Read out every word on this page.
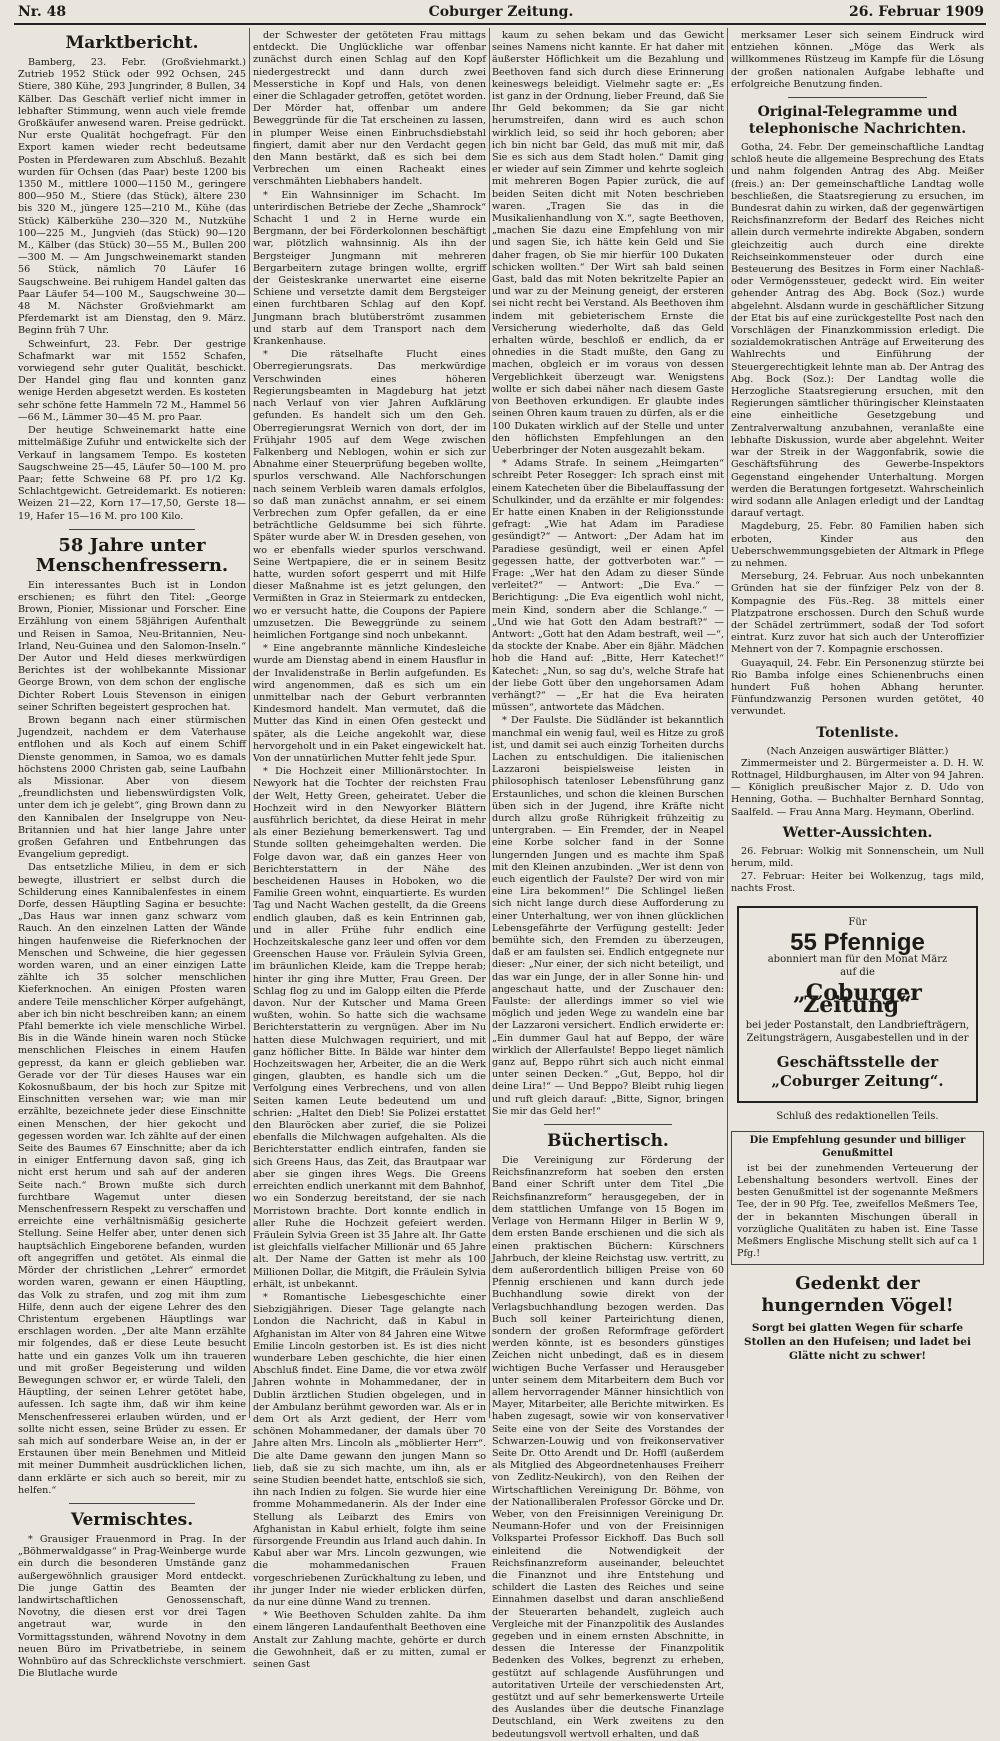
Nr. 48	Coburger Zeitung.	26. Februar 1909
Marktbericht.

Bamberg, 23. Febr. (Großviehmarkt.) Zutrieb 1952 Stück oder 992 Ochsen, 245 Stiere, 380 Kühe, 293 Jungrinder, 8 Bullen, 34 Kälber. Das Geschäft verlief nicht immer in lebhafter Stimmung, wenn auch viele fremde Großkäufer anwesend waren. Preise gedrückt. Nur erste Qualität hochgefragt. Für den Export kamen wieder recht bedeutsame Posten in Pferdewaren zum Abschluß. Bezahlt wurden für Ochsen (das Paar) beste 1200 bis 1350 M., mittlere 1000—1150 M., geringere 800—950 M., Stiere (das Stück), ältere 230 bis 320 M., jüngere 125—210 M., Kühe (das Stück) Kälberkühe 230—320 M., Nutzkühe 100—225 M., Jungvieh (das Stück) 90—120 M., Kälber (das Stück) 30—55 M., Bullen 200—300 M. — Am Jungschweinemarkt standen 56 Stück, nämlich 70 Läufer 16 Saugschweine. Bei ruhigem Handel galten das Paar Läufer 54—100 M., Saugschweine 30—48 M. Nächster Großviehmarkt am Pferdemarkt ist am Dienstag, den 9. März. Beginn früh 7 Uhr.

Schweinfurt, 23. Febr. Der gestrige Schafmarkt war mit 1552 Schafen, vorwiegend sehr guter Qualität, beschickt. Der Handel ging flau und konnten ganz wenige Herden abgesetzt werden. Es kosteten sehr schöne fette Hammeln 72 M., Hammel 56—66 M., Lämmer 30—45 M. pro Paar.

Der heutige Schweinemarkt hatte eine mittelmäßige Zufuhr und entwickelte sich der Verkauf in langsamem Tempo. Es kosteten Saugschweine 25—45, Läufer 50—100 M. pro Paar; fette Schweine 68 Pf. pro 1/2 Kg. Schlachtgewicht. Getreidemarkt. Es notieren: Weizen 21—22, Korn 17—17,50, Gerste 18—19, Hafer 15—16 M. pro 100 Kilo.

58 Jahre unter Menschenfressern.

Ein interessantes Buch ist in London erschienen; es führt den Titel: „George Brown, Pionier, Missionar und Forscher. Eine Erzählung von einem 58jährigen Aufenthalt und Reisen in Samoa, Neu-Britannien, Neu-Irland, Neu-Guinea und den Salomon-Inseln.“ Der Autor und Held dieses merkwürdigen Berichtes ist der wohlbekannte Missionar George Brown, von dem schon der englische Dichter Robert Louis Stevenson in einigen seiner Schriften begeistert gesprochen hat.

Brown begann nach einer stürmischen Jugendzeit, nachdem er dem Vaterhause entflohen und als Koch auf einem Schiff Dienste genommen, in Samoa, wo es damals höchstens 2000 Christen gab, seine Laufbahn als Missionar. Aber von diesem „freundlichsten und liebenswürdigsten Volk, unter dem ich je gelebt“, ging Brown dann zu den Kannibalen der Inselgruppe von Neu-Britannien und hat hier lange Jahre unter großen Gefahren und Entbehrungen das Evangelium gepredigt.

Das entsetzliche Milieu, in dem er sich bewegte, illustriert er selbst durch die Schilderung eines Kannibalenfestes in einem Dorfe, dessen Häuptling Sagina er besuchte: „Das Haus war innen ganz schwarz vom Rauch. An den einzelnen Latten der Wände hingen haufenweise die Rieferknochen der Menschen und Schweine, die hier gegessen worden waren, und an einer einzigen Latte zählte ich 35 solcher menschlichen Kieferknochen. An einigen Pfosten waren andere Teile menschlicher Körper aufgehängt, aber ich bin nicht beschreiben kann; an einem Pfahl bemerkte ich viele menschliche Wirbel. Bis in die Wände hinein waren noch Stücke menschlichen Fleisches in einem Haufen gepresst, da kann er gleich geblieben war. Gerade vor der Tür dieses Hauses war ein Kokosnußbaum, der bis hoch zur Spitze mit Einschnitten versehen war; wie man mir erzählte, bezeichnete jeder diese Einschnitte einen Menschen, der hier gekocht und gegessen worden war. Ich zählte auf der einen Seite des Baumes 67 Einschnitte; aber da ich in einiger Entfernung davon saß, ging ich nicht erst herum und sah auf der anderen Seite nach.“ Brown mußte sich durch furchtbare Wagemut unter diesen Menschenfressern Respekt zu verschaffen und erreichte eine verhältnismäßig gesicherte Stellung. Seine Helfer aber, unter denen sich hauptsächlich Eingeborene befanden, wurden oft angegriffen und getötet. Als einmal die Mörder der christlichen „Lehrer“ ermordet worden waren, gewann er einen Häuptling, das Volk zu strafen, und zog mit ihm zum Hilfe, denn auch der eigene Lehrer des den Christentum ergebenen Häuptlings war erschlagen worden. „Der alte Mann erzählte mir folgendes, daß er diese Leute besucht hatte und ein ganzes Volk um ihn traueren und mit großer Begeisterung und wilden Bewegungen schwor er, er würde Taleli, den Häuptling, der seinen Lehrer getötet habe, aufessen. Ich sagte ihm, daß wir ihm keine Menschenfresserei erlauben würden, und er sollte nicht essen, seine Brüder zu essen. Er sah mich auf sonderbare Weise an, in der er Erstaunen über mein Benehmen und Mitleid mit meiner Dummheit ausdrücklichen lichen, dann erklärte er sich auch so bereit, mir zu helfen.“

Vermischtes.

* Grausiger Frauenmord in Prag. In der „Böhmerwaldgasse“ in Prag-Weinberge wurde ein durch die besonderen Umstände ganz außergewöhnlich grausiger Mord entdeckt. Die junge Gattin des Beamten der landwirtschaftlichen Genossenschaft, Novotny, die diesen erst vor drei Tagen angetraut war, wurde in den Vormittagsstunden, während Novotny in dem neuen Büro im Privatbetriebe, in seinem Wohnbüro auf das Schrecklichste verschmiert. Die Blutlache wurde

der Schwester der getöteten Frau mittags entdeckt. Die Unglückliche war offenbar zunächst durch einen Schlag auf den Kopf niedergestreckt und dann durch zwei Messerstiche in Kopf und Hals, von denen einer die Schlagader getroffen, getötet worden. Der Mörder hat, offenbar um andere Beweggründe für die Tat erscheinen zu lassen, in plumper Weise einen Einbruchsdiebstahl fingiert, damit aber nur den Verdacht gegen den Mann bestärkt, daß es sich bei dem Verbrechen um einen Racheakt eines verschmähten Liebhabers handelt.

* Ein Wahnsinniger im Schacht. Im unterirdischen Betriebe der Zeche „Shamrock“ Schacht 1 und 2 in Herne wurde ein Bergmann, der bei Förderkolonnen beschäftigt war, plötzlich wahnsinnig. Als ihn der Bergsteiger Jungmann mit mehreren Bergarbeitern zutage bringen wollte, ergriff der Geisteskranke unerwartet eine eiserne Schiene und versetzte damit dem Bergsteiger einen furchtbaren Schlag auf den Kopf. Jungmann brach blutüberströmt zusammen und starb auf dem Transport nach dem Krankenhause.

* Die rätselhafte Flucht eines Oberregierungsrats. Das merkwürdige Verschwinden eines höheren Regierungsbeamten in Magdeburg hat jetzt nach Verlauf von vier Jahren Aufklärung gefunden. Es handelt sich um den Geh. Oberregierungsrat Wernich von dort, der im Frühjahr 1905 auf dem Wege zwischen Falkenberg und Neblogen, wohin er sich zur Abnahme einer Steuerprüfung begeben wollte, spurlos verschwand. Alle Nachforschungen nach seinem Verbleib waren damals erfolglos, so daß man zunächst annahm, er sei einem Verbrechen zum Opfer gefallen, da er eine beträchtliche Geldsumme bei sich führte. Später wurde aber W. in Dresden gesehen, von wo er ebenfalls wieder spurlos verschwand. Seine Wertpapiere, die er in seinem Besitz hatte, wurden sofort gesperrt und mit Hilfe dieser Maßnahme ist es jetzt gelungen, den Vermißten in Graz in Steiermark zu entdecken, wo er versucht hatte, die Coupons der Papiere umzusetzen. Die Beweggründe zu seinem heimlichen Fortgange sind noch unbekannt.

* Eine angebrannte männliche Kindesleiche wurde am Dienstag abend in einem Hausflur in der Invalidenstraße in Berlin aufgefunden. Es wird angenommen, daß es sich um ein unmittelbar nach der Geburt verbrannten Kindesmord handelt. Man vermutet, daß die Mutter das Kind in einen Ofen gesteckt und später, als die Leiche angekohlt war, diese hervorgeholt und in ein Paket eingewickelt hat. Von der unnatürlichen Mutter fehlt jede Spur.

* Die Hochzeit einer Millionärstochter. In Newyork hat die Tochter der reichsten Frau der Welt, Hetty Green, geheiratet. Ueber die Hochzeit wird in den Newyorker Blättern ausführlich berichtet, da diese Heirat in mehr als einer Beziehung bemerkenswert. Tag und Stunde sollten geheimgehalten werden. Die Folge davon war, daß ein ganzes Heer von Berichterstattern in der Nähe des bescheidenen Hauses in Hoboken, wo die Familie Green wohnt, einquartierte. Es wurden Tag und Nacht Wachen gestellt, da die Greens endlich glauben, daß es kein Entrinnen gab, und in aller Frühe fuhr endlich eine Hochzeitskalesche ganz leer und offen vor dem Greenschen Hause vor. Fräulein Sylvia Green, im bräunlichen Kleide, kam die Treppe herab; hinter ihr ging ihre Mutter, Frau Green. Der Schlag flog zu und im Galopp eilten die Pferde davon. Nur der Kutscher und Mama Green wußten, wohin. So hatte sich die wachsame Berichterstatterin zu vergnügen. Aber im Nu hatten diese Mulchwagen requiriert, und mit ganz höflicher Bitte. In Bälde war hinter dem Hochzeitswagen her, Arbeiter, die an die Werk gingen, glaubten, es handle sich um die Verfolgung eines Verbrechens, und von allen Seiten kamen Leute bedeutend um und schrien: „Haltet den Dieb! Sie Polizei erstattet den Blauröcken aber zurief, die sie Polizei ebenfalls die Milchwagen aufgehalten. Als die Berichterstatter endlich eintrafen, fanden sie sich Greens Haus, das Zeit, das Brautpaar war aber sie gingen ihres Wegs. Die Greens erreichten endlich unerkannt mit dem Bahnhof, wo ein Sonderzug bereitstand, der sie nach Morristown brachte. Dort konnte endlich in aller Ruhe die Hochzeit gefeiert werden. Fräulein Sylvia Green ist 35 Jahre alt. Ihr Gatte ist gleichfalls vielfacher Millionär und 65 Jahre alt. Der Name der Gatten ist mehr als 100 Millionen Dollar, die Mitgift, die Fräulein Sylvia erhält, ist unbekannt.

* Romantische Liebesgeschichte einer Siebzigjährigen. Dieser Tage gelangte nach London die Nachricht, daß in Kabul in Afghanistan im Alter von 84 Jahren eine Witwe Emilie Lincoln gestorben ist. Es ist dies nicht wunderbare Leben geschichte, die hier einen Abschluß findet. Eine Dame, die vor etwa zwölf Jahren wohnte in Mohammedaner, der in Dublin ärztlichen Studien obgelegen, und in der Ambulanz berühmt geworden war. Als er in dem Ort als Arzt gedient, der Herr vom schönen Mohammedaner, der damals über 70 Jahre alten Mrs. Lincoln als „möblierter Herr“. Die alte Dame gewann den jungen Mann so lieb, daß sie zu sich machte, um ihn, als er seine Studien beendet hatte, entschloß sie sich, ihn nach Indien zu folgen. Sie wurde hier eine fromme Mohammedanerin. Als der Inder eine Stellung als Leibarzt des Emirs von Afghanistan in Kabul erhielt, folgte ihm seine fürsorgende Freundin aus Irland auch dahin. In Kabul aber war Mrs. Lincoln gezwungen, wie die mohammedanischen Frauen vorgeschriebenen Zurückhaltung zu leben, und ihr junger Inder nie wieder erblicken dürfen, da nur eine dünne Wand zu trennen.

* Wie Beethoven Schulden zahlte. Da ihm einem längeren Landaufenthalt Beethoven eine Anstalt zur Zahlung machte, gehörte er durch die Gewohnheit, daß er zu mitten, zumal er seinen Gast

kaum zu sehen bekam und das Gewicht seines Namens nicht kannte. Er hat daher mit äußerster Höflichkeit um die Bezahlung und Beethoven fand sich durch diese Erinnerung keineswegs beleidigt. Vielmehr sagte er: „Es ist ganz in der Ordnung, lieber Freund, daß Sie Ihr Geld bekommen; da Sie gar nicht herumstreifen, dann wird es auch schon wirklich leid, so seid ihr hoch geboren; aber ich bin nicht bar Geld, das muß mit mir, daß Sie es sich aus dem Stadt holen.“ Damit ging er wieder auf sein Zimmer und kehrte sogleich mit mehreren Bogen Papier zurück, die auf beiden Seiten dicht mit Noten beschrieben waren. „Tragen Sie das in die Musikalienhandlung von X.“, sagte Beethoven, „machen Sie dazu eine Empfehlung von mir und sagen Sie, ich hätte kein Geld und Sie daher fragen, ob Sie mir hierfür 100 Dukaten schicken wollten.“ Der Wirt sah bald seinen Gast, bald das mit Noten bekritzelte Papier an und war zu der Meinung geneigt, der ersteren sei nicht recht bei Verstand. Als Beethoven ihm indem mit gebieterischem Ernste die Versicherung wiederholte, daß das Geld erhalten würde, beschloß er endlich, da er ohnedies in die Stadt mußte, den Gang zu machen, obgleich er im voraus von dessen Vergeblichkeit überzeugt war. Wenigstens wollte er sich dabei näher nach diesem Gaste von Beethoven erkundigen. Er glaubte indes seinen Ohren kaum trauen zu dürfen, als er die 100 Dukaten wirklich auf der Stelle und unter den höflichsten Empfehlungen an den Ueberbringer der Noten ausgezahlt bekam.

* Adams Strafe. In seinem „Heimgarten“ schreibt Peter Rosegger: Ich sprach einst mit einem Katecheten über die Bibelauffassung der Schulkinder, und da erzählte er mir folgendes: Er hatte einen Knaben in der Religionsstunde gefragt: „Wie hat Adam im Paradiese gesündigt?“ — Antwort: „Der Adam hat im Paradiese gesündigt, weil er einen Apfel gegessen hatte, der gottverboten war.“ — Frage: „Wer hat den Adam zu dieser Sünde verleitet?“ — Antwort: „Die Eva.“ — Berichtigung: „Die Eva eigentlich wohl nicht, mein Kind, sondern aber die Schlange.“ — „Und wie hat Gott den Adam bestraft?“ — Antwort: „Gott hat den Adam bestraft, weil —“, da stockte der Knabe. Aber ein 8jähr. Mädchen hob die Hand auf: „Bitte, Herr Katechet!“ Katechet: „Nun, so sag du's, welche Strafe hat der liebe Gott über den ungehorsamen Adam verhängt?“ — „Er hat die Eva heiraten müssen“, antwortete das Mädchen.

* Der Faulste. Die Südländer ist bekanntlich manchmal ein wenig faul, weil es Hitze zu groß ist, und damit sei auch einzig Torheiten durchs Lachen zu entschuldigen. Die italienischen Lazzaroni beispielsweise leisten in philosophisch tatenloser Lebensführung ganz Erstaunliches, und schon die kleinen Burschen üben sich in der Jugend, ihre Kräfte nicht durch allzu große Rührigkeit frühzeitig zu untergraben. — Ein Fremder, der in Neapel eine Korbe solcher fand in der Sonne lungernden Jungen und es machte ihm Spaß mit den Kleinen anzubinden. „Wer ist denn von euch eigentlich der Faulste? Der wird von mir eine Lira bekommen!“ Die Schlingel ließen sich nicht lange durch diese Aufforderung zu einer Unterhaltung, wer von ihnen glücklichen Lebensgefährte der Verfügung gestellt: Jeder bemühte sich, den Fremden zu überzeugen, daß er am faulsten sei. Endlich entgegnete nur dieser: „Nur einer, der sich nicht beteiligt, und das war ein Junge, der in aller Sonne hin- und angeschaut hatte, und der Zuschauer den: Faulste: der allerdings immer so viel wie möglich und jeden Wege zu wandeln eine bar der Lazzaroni versichert. Endlich erwiderte er: „Ein dummer Gaul hat auf Beppo, der wäre wirklich der Allerfaulste! Beppo lieget nämlich ganz auf, Beppo rührt sich auch nicht einmal unter seinen Decken.“ „Gut, Beppo, hol dir deine Lira!“ — Und Beppo? Bleibt ruhig liegen und ruft gleich darauf: „Bitte, Signor, bringen Sie mir das Geld her!“

Büchertisch.

Die Vereinigung zur Förderung der Reichsfinanzreform hat soeben den ersten Band einer Schrift unter dem Titel „Die Reichsfinanzreform“ herausgegeben, der in dem stattlichen Umfange von 15 Bogen im Verlage von Hermann Hilger in Berlin W 9, dem ersten Bande erschienen und die sich als einen praktischen Büchern: Kürschners Jahrbuch, der kleine Reichstag usw. vertritt, zu dem außerordentlich billigen Preise von 60 Pfennig erschienen und kann durch jede Buchhandlung sowie direkt von der Verlagsbuchhandlung bezogen werden. Das Buch soll keiner Parteirichtung dienen, sondern der großen Reformfrage gefördert werden könnte, ist es besonders günstiges Zeichen nicht unbedingt, daß es in diesem wichtigen Buche Verfasser und Herausgeber unter seinem dem Mitarbeitern dem Buch vor allem hervorragender Männer hinsichtlich von Mayer, Mitarbeiter, alle Berichte mitwirken. Es haben zugesagt, sowie wir von konservativer Seite eine von der Seite des Vorstandes der Schwarzen-Louwig und von freikonservativer Seite Dr. Otto Arendt und Dr. Hoffl (außerdem als Mitglied des Abgeordnetenhauses Freiherr von Zedlitz-Neukirch), von den Reihen der Wirtschaftlichen Vereinigung Dr. Böhme, von der Nationalliberalen Professor Görcke und Dr. Weber, von den Freisinnigen Vereinigung Dr. Neumann-Hofer und von der Freisinnigen Volkspartei Professor Eickhoff. Das Buch soll einleitend die Notwendigkeit der Reichsfinanzreform auseinander, beleuchtet die Finanznot und ihre Entstehung und schildert die Lasten des Reiches und seine Einnahmen daselbst und daran anschließend der Steuerarten behandelt, zugleich auch Vergleiche mit der Finanzpolitik des Auslandes gegeben und in einem ernsten Abschnitte, in dessen die Interesse der Finanzpolitik Bedenken des Volkes, begrenzt zu erheben, gestützt auf schlagende Ausführungen und autoritativen Urteile der verschiedensten Art, gestützt und auf sehr bemerkenswerte Urteile des Auslandes über die deutsche Finanzlage Deutschland, ein Werk zweitens zu den bedeutungsvoll wertvoll erhalten, und daß

merksamer Leser sich seinem Eindruck wird entziehen können. „Möge das Werk als willkommenes Rüstzeug im Kampfe für die Lösung der großen nationalen Aufgabe lebhafte und erfolgreiche Benutzung finden.

Original-Telegramme und telephonische Nachrichten.

Gotha, 24. Febr. Der gemeinschaftliche Landtag schloß heute die allgemeine Besprechung des Etats und nahm folgenden Antrag des Abg. Meißer (freis.) an: Der gemeinschaftliche Landtag wolle beschließen, die Staatsregierung zu ersuchen, im Bundesrat dahin zu wirken, daß der gegenwärtigen Reichsfinanzreform der Bedarf des Reiches nicht allein durch vermehrte indirekte Abgaben, sondern gleichzeitig auch durch eine direkte Reichseinkommensteuer oder durch eine Besteuerung des Besitzes in Form einer Nachlaß- oder Vermögenssteuer, gedeckt wird. Ein weiter gehender Antrag des Abg. Bock (Soz.) wurde abgelehnt. Alsdann wurde in geschäftlicher Sitzung der Etat bis auf eine zurückgestellte Post nach den Vorschlägen der Finanzkommission erledigt. Die sozialdemokratischen Anträge auf Erweiterung des Wahlrechts und Einführung der Steuergerechtigkeit lehnte man ab. Der Antrag des Abg. Bock (Soz.): Der Landtag wolle die Herzogliche Staatsregierung ersuchen, mit den Regierungen sämtlicher thüringischer Kleinstaaten eine einheitliche Gesetzgebung und Zentralverwaltung anzubahnen, veranlaßte eine lebhafte Diskussion, wurde aber abgelehnt. Weiter war der Streik in der Waggonfabrik, sowie die Geschäftsführung des Gewerbe-Inspektors Gegenstand eingehender Unterhaltung. Morgen werden die Beratungen fortgesetzt. Wahrscheinlich wird sodann alle Anlagen erledigt und der Landtag darauf vertagt.

Magdeburg, 25. Febr. 80 Familien haben sich erboten, Kinder aus den Ueberschwemmungsgebieten der Altmark in Pflege zu nehmen.

Merseburg, 24. Februar. Aus noch unbekannten Gründen hat sie der fünfziger Pelz von der 8. Kompagnie des Füs.-Reg. 38 mittels einer Platzpatrone erschossen. Durch den Schuß wurde der Schädel zertrümmert, sodaß der Tod sofort eintrat. Kurz zuvor hat sich auch der Unteroffizier Mehnert von der 7. Kompagnie erschossen.

Guayaquil, 24. Febr. Ein Personenzug stürzte bei Rio Bamba infolge eines Schienenbruchs einen hundert Fuß hohen Abhang herunter. Fünfundzwanzig Personen wurden getötet, 40 verwundet.

Totenliste.
(Nach Anzeigen auswärtiger Blätter.)

Zimmermeister und 2. Bürgermeister a. D. H. W. Rottnagel, Hildburghausen, im Alter von 94 Jahren. — Königlich preußischer Major z. D. Udo von Henning, Gotha. — Buchhalter Bernhard Sonntag, Saalfeld. — Frau Anna Marg. Heymann, Oberlind.

Wetter-Aussichten.

26. Februar: Wolkig mit Sonnenschein, um Null herum, mild.

27. Februar: Heiter bei Wolkenzug, tags mild, nachts Frost.

Für
55 Pfennige
abonniert man für den Monat März
auf die
„Coburger Zeitung“
bei jeder Postanstalt, den Landbriefträgern, Zeitungsträgern, Ausgabestellen und in der
Geschäftsstelle der „Coburger Zeitung“.
Schluß des redaktionellen Teils.
Die Empfehlung gesunder und billiger Genußmittel

ist bei der zunehmenden Verteuerung der Lebenshaltung besonders wertvoll. Eines der besten Genußmittel ist der sogenannte Meßmers Tee, der in 90 Pfg. Tee, zweifellos Meßmers Tee, der in bekannten Mischungen überall in vorzügliche Qualitäten zu haben ist. Eine Tasse Meßmers Englische Mischung stellt sich auf ca 1 Pfg.!

Gedenkt der hungernden Vögel!
Sorgt bei glatten Wegen für scharfe Stollen an den Hufeisen; und ladet bei Glätte nicht zu schwer!
